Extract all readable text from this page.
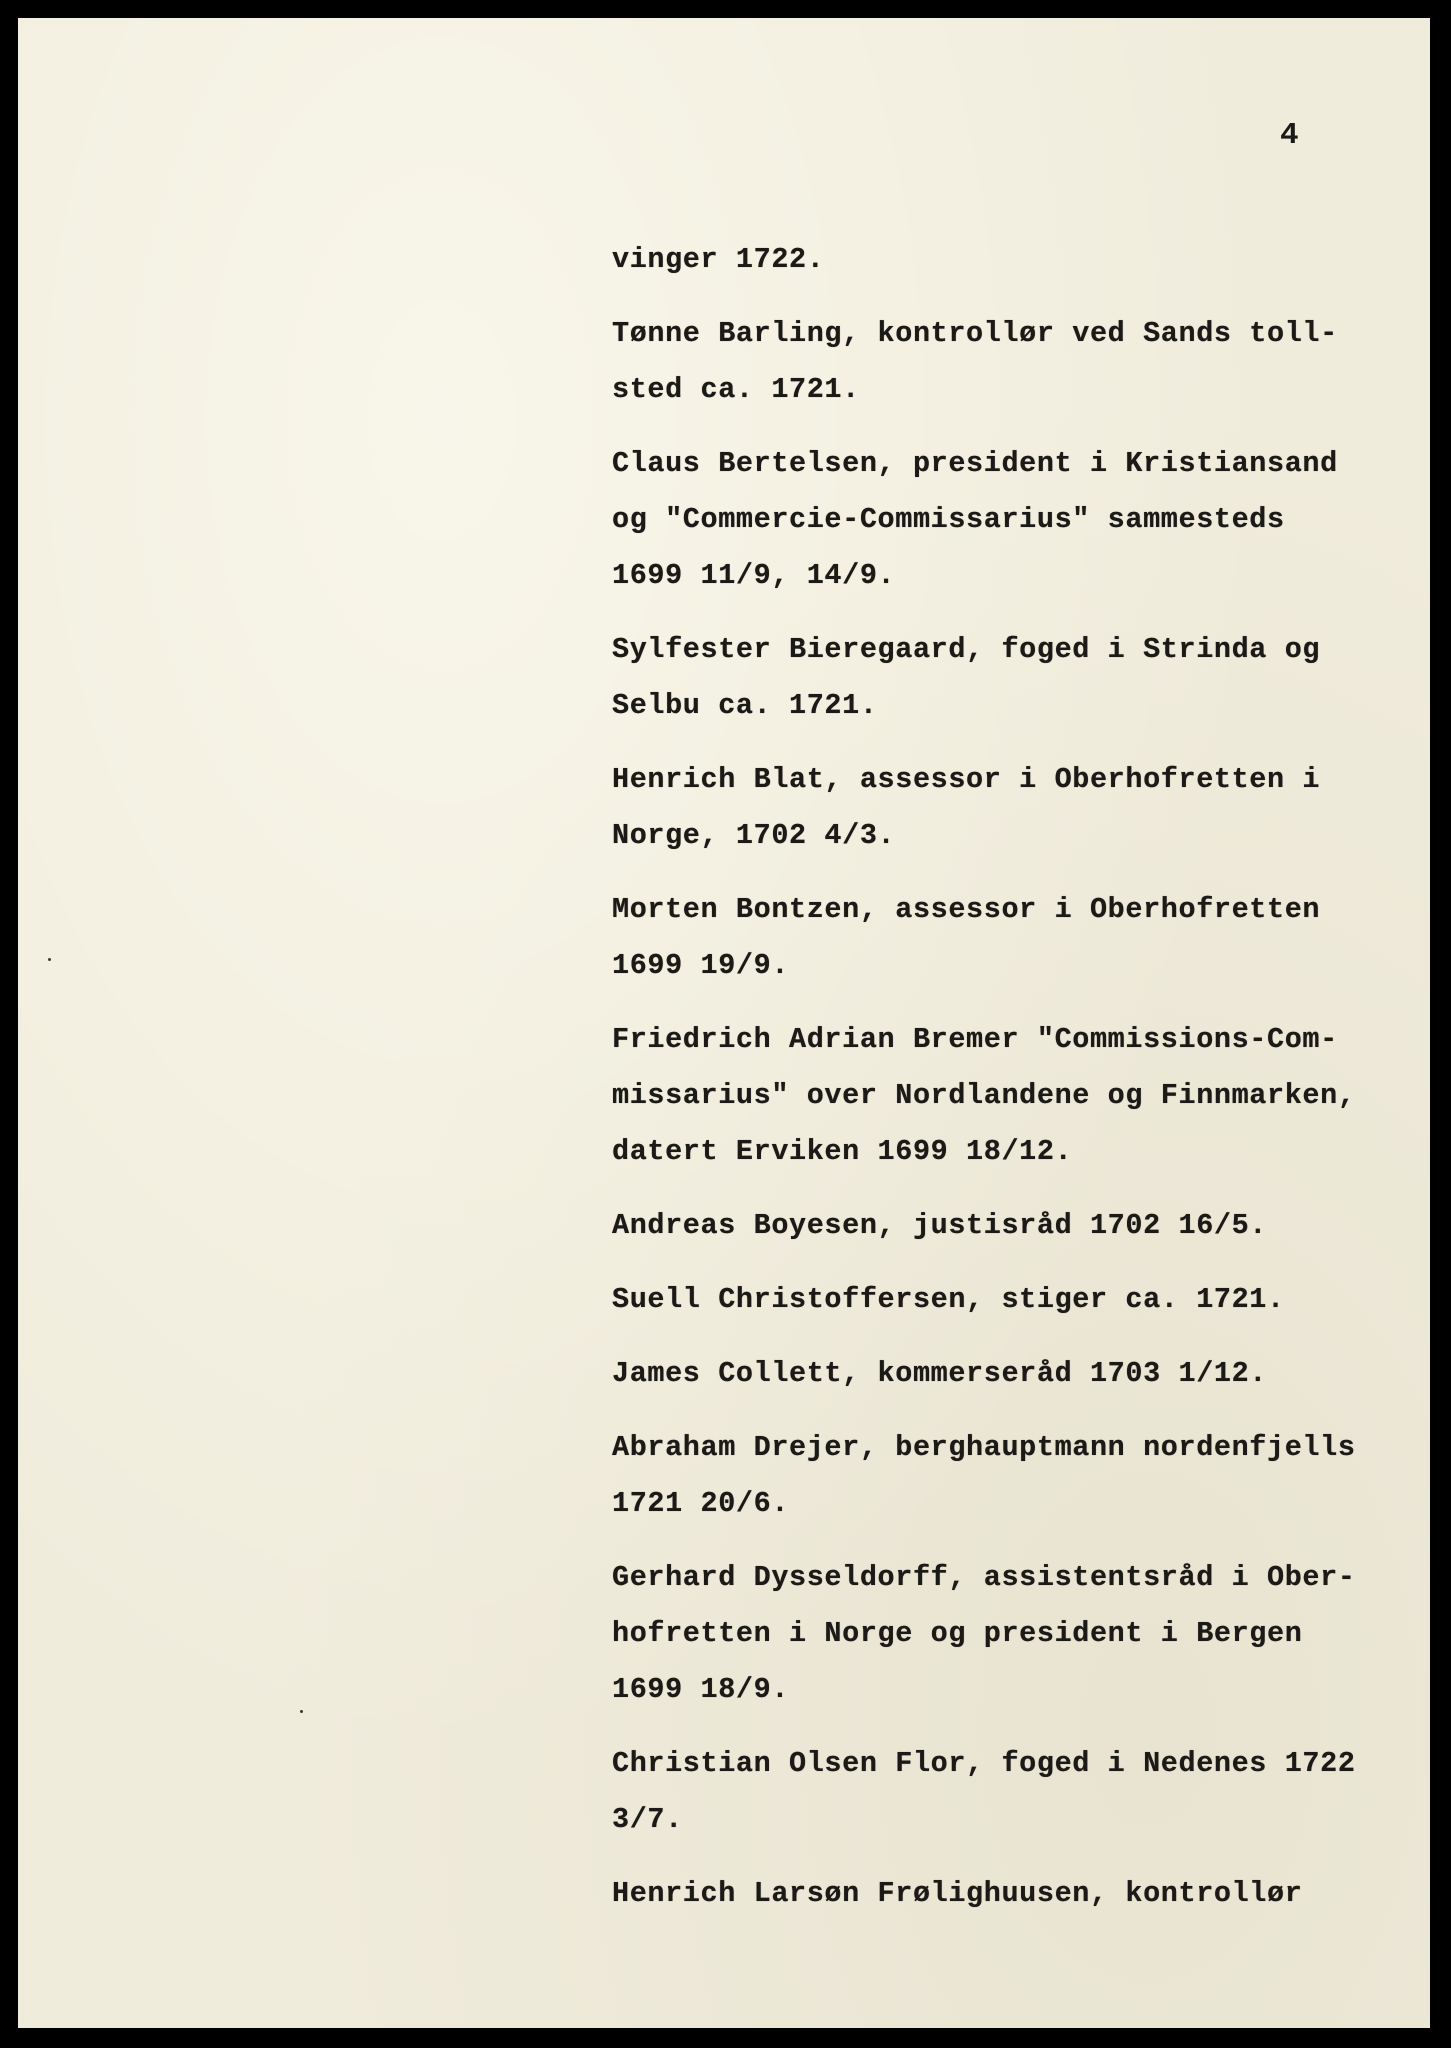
4
vinger 1722.
Tønne Barling, kontrollør ved Sands toll-
sted ca. 1721.
Claus Bertelsen, president i Kristiansand
og "Commercie-Commissarius" sammesteds
1699 11/9, 14/9.
Sylfester Bieregaard, foged i Strinda og
Selbu ca. 1721.
Henrich Blat, assessor i Oberhofretten i
Norge, 1702 4/3.
Morten Bontzen, assessor i Oberhofretten
1699 19/9.
Friedrich Adrian Bremer "Commissions-Com-
missarius" over Nordlandene og Finnmarken,
datert Erviken 1699 18/12.
Andreas Boyesen, justisråd 1702 16/5.
Suell Christoffersen, stiger ca. 1721.
James Collett, kommerseråd 1703 1/12.
Abraham Drejer, berghauptmann nordenfjells
1721 20/6.
Gerhard Dysseldorff, assistentsråd i Ober-
hofretten i Norge og president i Bergen
1699 18/9.
Christian Olsen Flor, foged i Nedenes 1722
3/7.
Henrich Larsøn Frølighuusen, kontrollør
